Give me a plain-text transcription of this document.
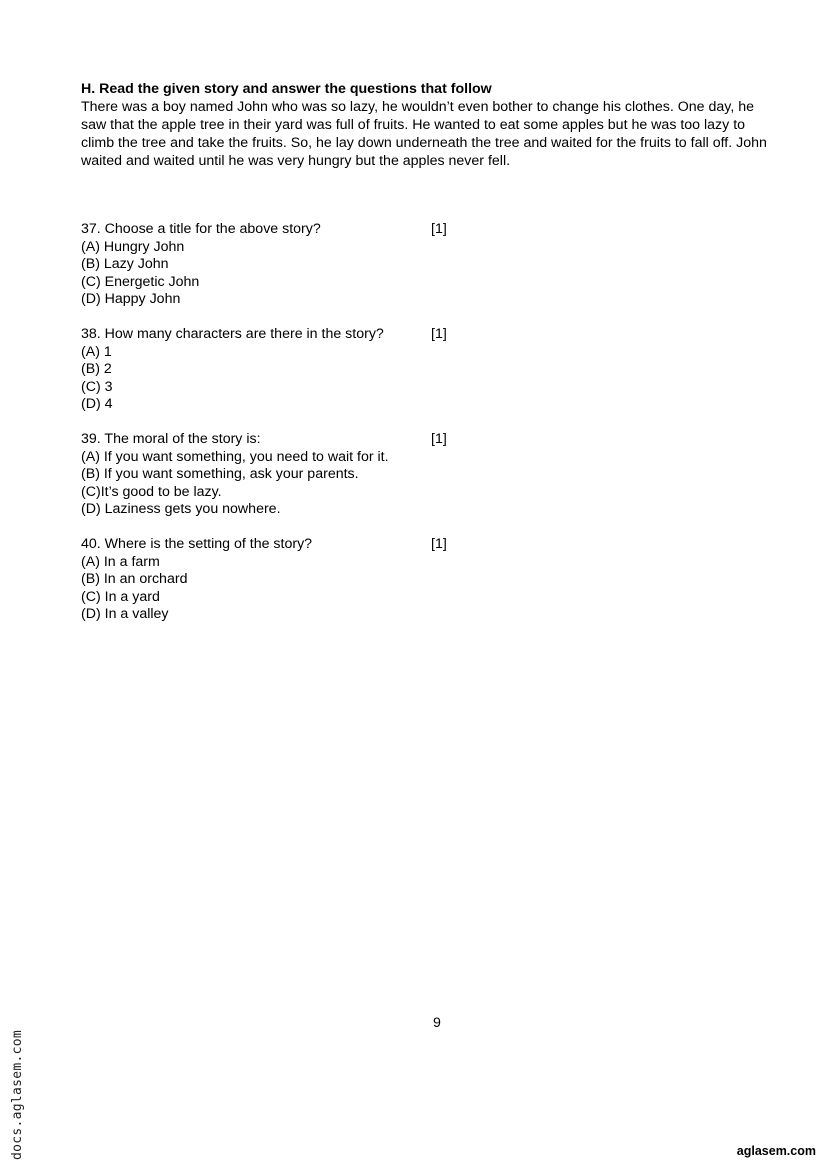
H. Read the given story and answer the questions that follow

There was a boy named John who was so lazy, he wouldn’t even bother to change his clothes. One day, he saw that the apple tree in their yard was full of fruits. He wanted to eat some apples but he was too lazy to climb the tree and take the fruits. So, he lay down underneath the tree and waited for the fruits to fall off. John waited and waited until he was very hungry but the apples never fell.

37. Choose a title for the above story?	[1]
(A) Hungry John
(B) Lazy John
(C) Energetic John
(D) Happy John
38. How many characters are there in the story?	[1]
(A) 1
(B) 2
(C) 3
(D) 4
39. The moral of the story is:	[1]
(A) If you want something, you need to wait for it.
(B) If you want something, ask your parents.
(C)It’s good to be lazy.
(D) Laziness gets you nowhere.
40. Where is the setting of the story?	[1]
(A) In a farm
(B) In an orchard
(C) In a yard
(D) In a valley
9
docs.aglasem.com	aglasem.com
